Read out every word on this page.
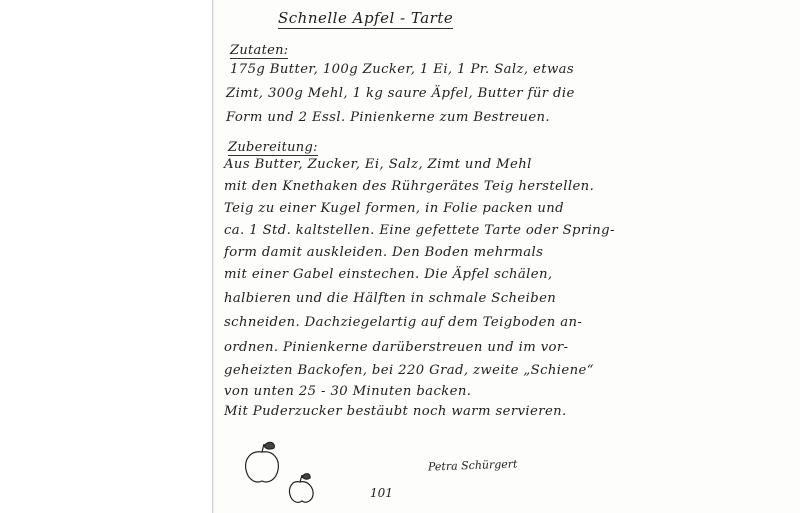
Schnelle Apfel - Tarte
Zutaten:
175g Butter, 100g Zucker, 1 Ei, 1 Pr. Salz, etwas
Zimt, 300g Mehl, 1 kg saure Äpfel, Butter für die
Form und 2 Essl. Pinienkerne zum Bestreuen.
Zubereitung:
Aus Butter, Zucker, Ei, Salz, Zimt und Mehl
mit den Knethaken des Rührgerätes Teig herstellen.
Teig zu einer Kugel formen, in Folie packen und
ca. 1 Std. kaltstellen. Eine gefettete Tarte oder Spring-
form damit auskleiden. Den Boden mehrmals
mit einer Gabel einstechen. Die Äpfel schälen,
halbieren und die Hälften in schmale Scheiben
schneiden. Dachziegelartig auf dem Teigboden an-
ordnen. Pinienkerne darüberstreuen und im vor-
geheizten Backofen, bei 220 Grad, zweite „Schiene“
von unten 25 - 30 Minuten backen.
Mit Puderzucker bestäubt noch warm servieren.
Petra Schürgert
101
